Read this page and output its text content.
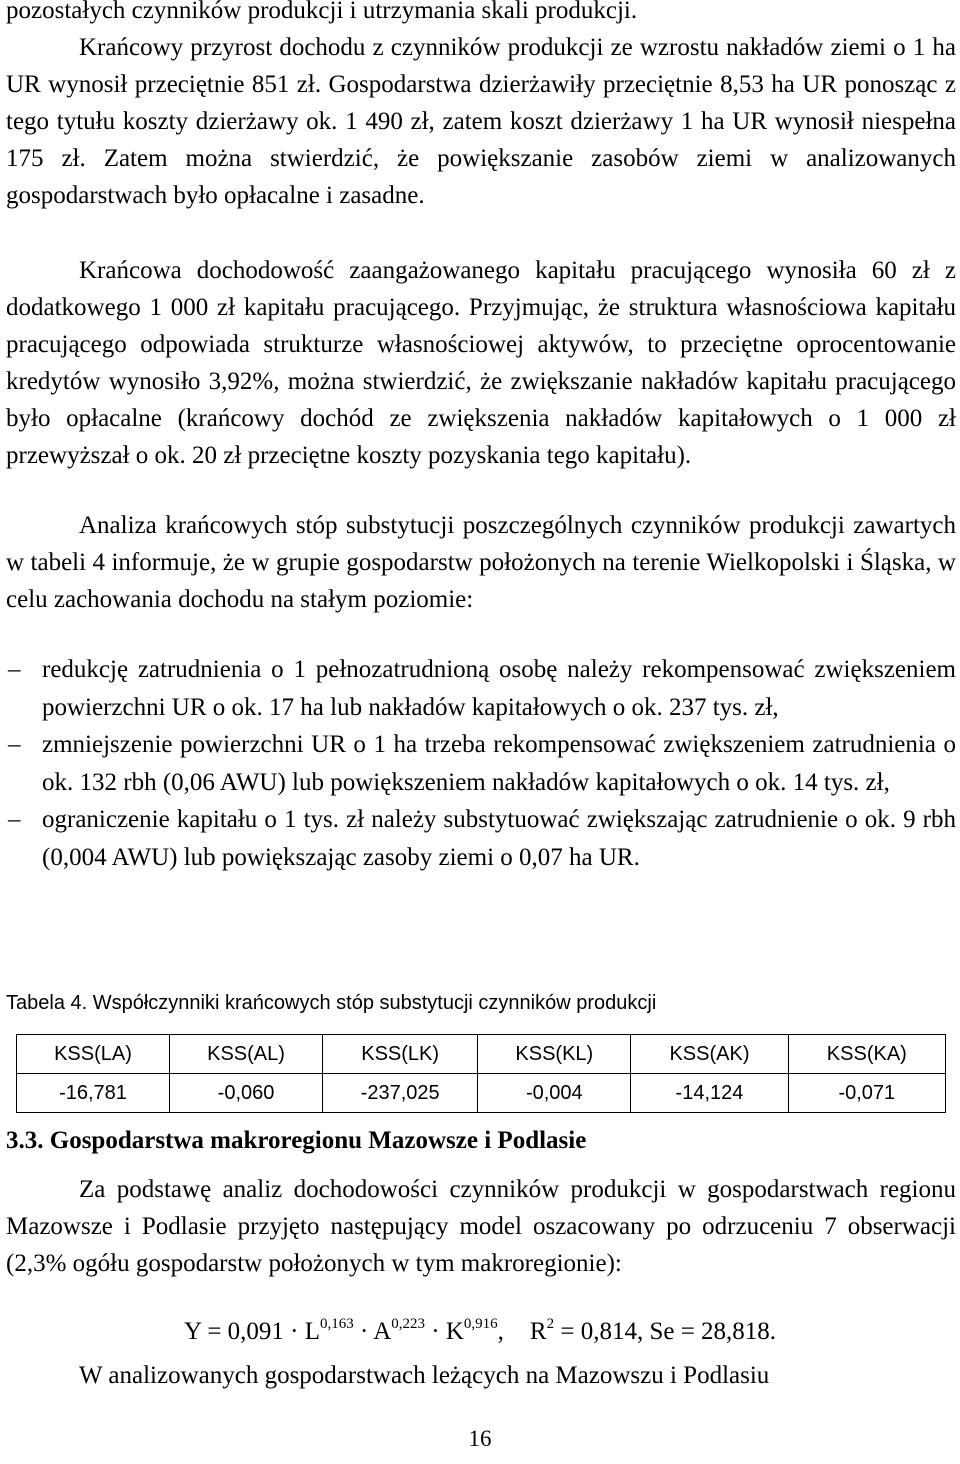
pozostałych czynników produkcji i utrzymania skali produkcji.

Krańcowy przyrost dochodu z czynników produkcji ze wzrostu nakładów ziemi o 1 ha UR wynosił przeciętnie 851 zł. Gospodarstwa dzierżawiły przeciętnie 8,53 ha UR ponosząc z tego tytułu koszty dzierżawy ok. 1 490 zł, zatem koszt dzierżawy 1 ha UR wynosił niespełna 175 zł. Zatem można stwierdzić, że powiększanie zasobów ziemi w analizowanych gospodarstwach było opłacalne i zasadne.

Krańcowa dochodowość zaangażowanego kapitału pracującego wynosiła 60 zł z dodatkowego 1 000 zł kapitału pracującego. Przyjmując, że struktura własnościowa kapitału pracującego odpowiada strukturze własnościowej aktywów, to przeciętne oprocentowanie kredytów wynosiło 3,92%, można stwierdzić, że zwiększanie nakładów kapitału pracującego było opłacalne (krańcowy dochód ze zwiększenia nakładów kapitałowych o 1 000 zł przewyższał o ok. 20 zł przeciętne koszty pozyskania tego kapitału).

Analiza krańcowych stóp substytucji poszczególnych czynników produkcji zawartych w tabeli 4 informuje, że w grupie gospodarstw położonych na terenie Wielkopolski i Śląska, w celu zachowania dochodu na stałym poziomie:

– redukcję zatrudnienia o 1 pełnozatrudnioną osobę należy rekompensować zwiększeniem powierzchni UR o ok. 17 ha lub nakładów kapitałowych o ok. 237 tys. zł,
– zmniejszenie powierzchni UR o 1 ha trzeba rekompensować zwiększeniem zatrudnienia o ok. 132 rbh (0,06 AWU) lub powiększeniem nakładów kapitałowych o ok. 14 tys. zł,
– ograniczenie kapitału o 1 tys. zł należy substytuować zwiększając zatrudnienie o ok. 9 rbh (0,004 AWU) lub powiększając zasoby ziemi o 0,07 ha UR.

Tabela 4. Współczynniki krańcowych stóp substytucji czynników produkcji

KSS(LA)	KSS(AL)	KSS(LK)	KSS(KL)	KSS(AK)	KSS(KA)
-16,781	-0,060	-237,025	-0,004	-14,124	-0,071
3.3. Gospodarstwa makroregionu Mazowsze i Podlasie

Za podstawę analiz dochodowości czynników produkcji w gospodarstwach regionu Mazowsze i Podlasie przyjęto następujący model oszacowany po odrzuceniu 7 obserwacji (2,3% ogółu gospodarstw położonych w tym makroregionie):

Y = 0,091 · L$^{0,163}$ · A$^{0,223}$ · K$^{0,916}$, $R^2 = 0,814$, Se = 28,818.

W analizowanych gospodarstwach leżących na Mazowszu i Podlasiu

16
